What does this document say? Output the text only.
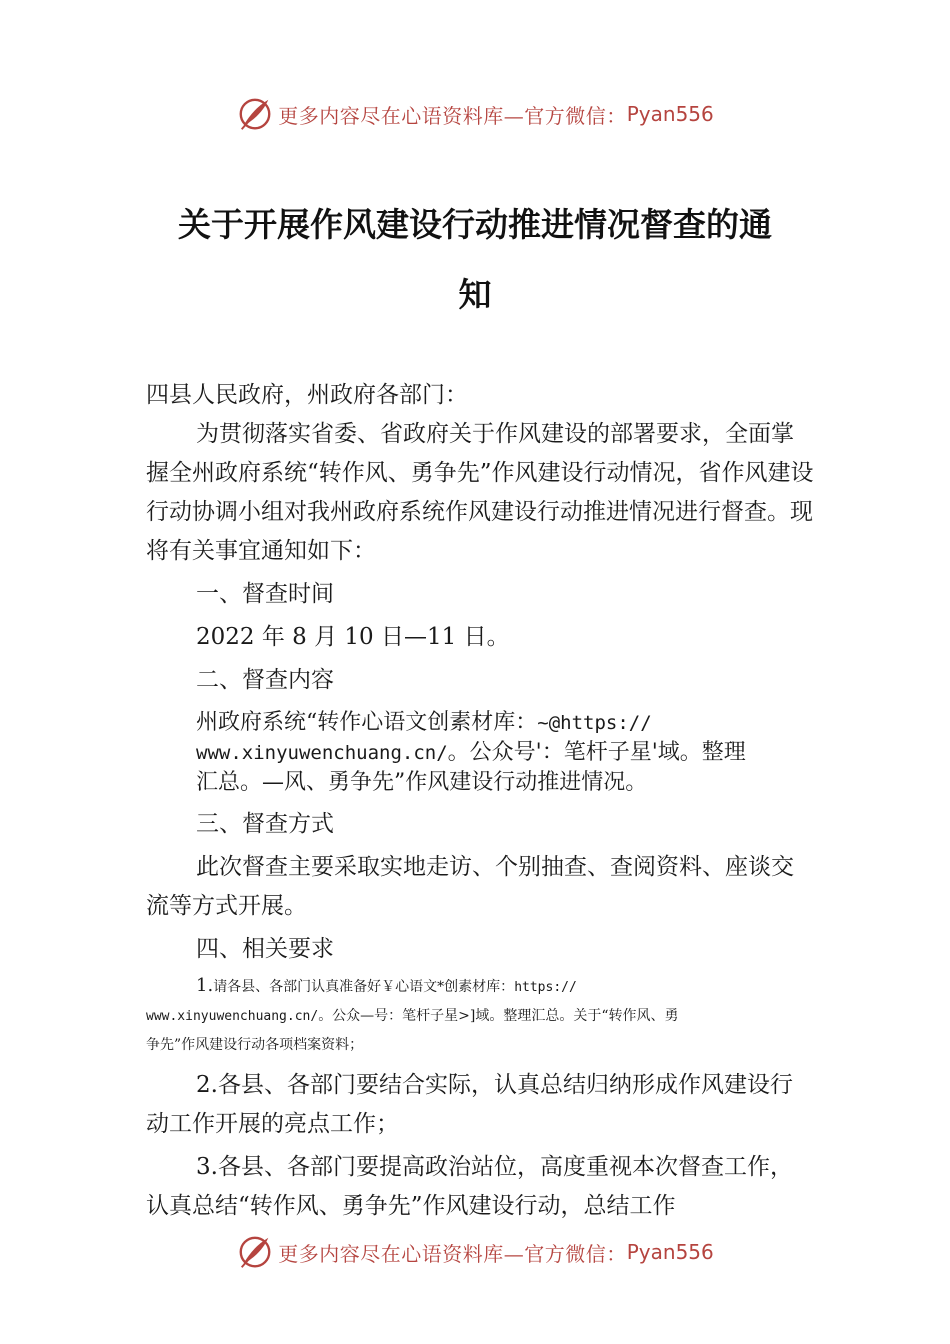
更多内容尽在心语资料库—官方微信： Pyan556
关于开展作风建设行动推进情况督查的通
知

四县人民政府，州政府各部门：

为贯彻落实省委、省政府关于作风建设的部署要求，全面掌握全州政府系统“转作风、勇争先”作风建设行动情况，省作风建设行动协调小组对我州政府系统作风建设行动推进情况进行督查。现将有关事宜通知如下：

一、督查时间

2022 年 8 月 10 日—11 日。

二、督查内容

州政府系统“转作心语文创素材库：~@https://
www.xinyuwenchuang.cn/。公众号'：笔杆子星'域。整理
汇总。—风、勇争先”作风建设行动推进情况。

三、督查方式

此次督查主要采取实地走访、个别抽查、查阅资料、座谈交流等方式开展。

四、相关要求

1.请各县、各部门认真准备好￥心语文*创素材库：https://
www.xinyuwenchuang.cn/。公众—号：笔杆子星>]域。整理汇总。关于“转作风、勇
争先”作风建设行动各项档案资料；

2.各县、各部门要结合实际，认真总结归纳形成作风建设行动工作开展的亮点工作；

3.各县、各部门要提高政治站位，高度重视本次督查工作，认真总结“转作风、勇争先”作风建设行动，总结工作

更多内容尽在心语资料库—官方微信： Pyan556
